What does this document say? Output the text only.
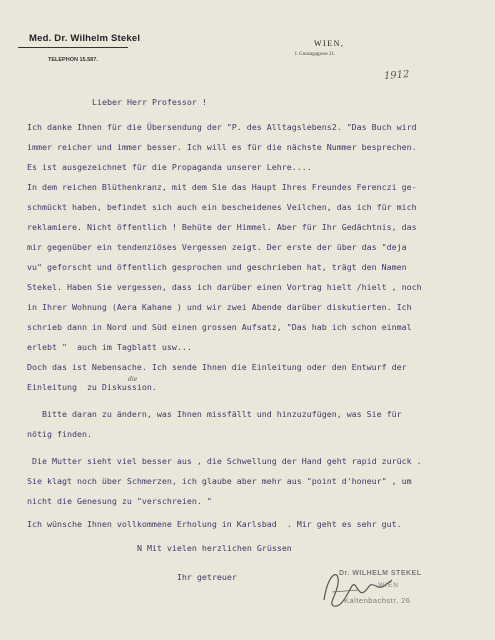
Med. Dr. Wilhelm Stekel
TELEPHON 15.587.
WIEN,
I. Gonzagagasse 21.
1912
Lieber Herr Professor !
Ich danke Ihnen für die Übersendung der "P. des Alltagslebens2. "Das Buch wird
immer reicher und immer besser. Ich will es für die nächste Nummer besprechen.
Es ist ausgezeichnet für die Propaganda unserer Lehre....
In dem reichen Blüthenkranz, mit dem Sie das Haupt Ihres Freundes Ferenczi ge-
schmückt haben, befindet sich auch ein bescheidenes Veilchen, das ich für mich
reklamiere. Nicht öffentlich ! Behüte der Himmel. Aber für Ihr Gedächtnis, das
mir gegenüber ein tendenziöses Vergessen zeigt. Der erste der über das "deja
vu" geforscht und öffentlich gesprochen und geschrieben hat, trägt den Namen
Stekel. Haben Sie vergessen, dass ich darüber einen Vortrag hielt /hielt , noch
in Ihrer Wohnung (Aera Kahane ) und wir zwei Abende darüber diskutierten. Ich
schrieb dann in Nord und Süd einen grossen Aufsatz, "Das hab ich schon einmal
erlebt "  auch im Tagblatt usw...
Doch das ist Nebensache. Ich sende Ihnen die Einleitung oder den Entwurf der
Einleitung  zu Diskussion.
die
Bitte daran zu ändern, was Ihnen missfällt und hinzuzufügen, was Sie für
nötig finden.
Die Mutter sieht viel besser aus , die Schwellung der Hand geht rapid zurück .
Sie klagt noch über Schmerzen, ich glaube aber mehr aus "point d'honeur" , um
nicht die Genesung zu "verschreien. "
Ich wünsche Ihnen vollkommene Erholung in Karlsbad  . Mir geht es sehr gut.
N Mit vielen herzlichen Grüssen
Ihr getreuer	Dr. WILHELM STEKEL
WIEN
Kaltenbachstr. 26
